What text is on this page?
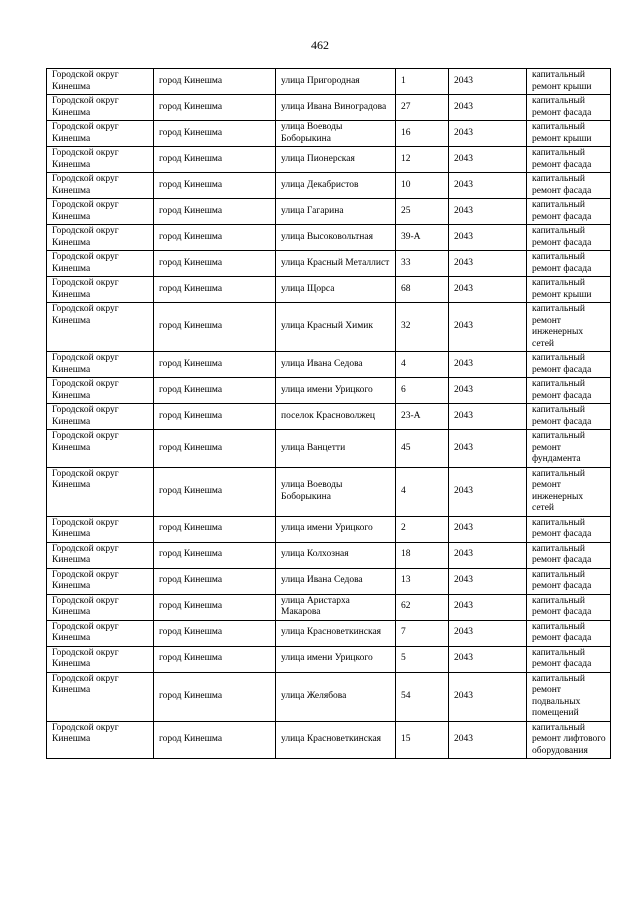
462
Городской округ Кинешма	город Кинешма	улица Пригородная	1	2043	капитальный ремонт крыши
Городской округ Кинешма	город Кинешма	улица Ивана Виноградова	27	2043	капитальный ремонт фасада
Городской округ Кинешма	город Кинешма	улица Воеводы Боборыкина	16	2043	капитальный ремонт крыши
Городской округ Кинешма	город Кинешма	улица Пионерская	12	2043	капитальный ремонт фасада
Городской округ Кинешма	город Кинешма	улица Декабристов	10	2043	капитальный ремонт фасада
Городской округ Кинешма	город Кинешма	улица Гагарина	25	2043	капитальный ремонт фасада
Городской округ Кинешма	город Кинешма	улица Высоковольтная	39-А	2043	капитальный ремонт фасада
Городской округ Кинешма	город Кинешма	улица Красный Металлист	33	2043	капитальный ремонт фасада
Городской округ Кинешма	город Кинешма	улица Щорса	68	2043	капитальный ремонт крыши
Городской округ Кинешма	город Кинешма	улица Красный Химик	32	2043	капитальный ремонт инженерных сетей
Городской округ Кинешма	город Кинешма	улица Ивана Седова	4	2043	капитальный ремонт фасада
Городской округ Кинешма	город Кинешма	улица имени Урицкого	6	2043	капитальный ремонт фасада
Городской округ Кинешма	город Кинешма	поселок Красноволжец	23-А	2043	капитальный ремонт фасада
Городской округ Кинешма	город Кинешма	улица Ванцетти	45	2043	капитальный ремонт фундамента
Городской округ Кинешма	город Кинешма	улица Воеводы Боборыкина	4	2043	капитальный ремонт инженерных сетей
Городской округ Кинешма	город Кинешма	улица имени Урицкого	2	2043	капитальный ремонт фасада
Городской округ Кинешма	город Кинешма	улица Колхозная	18	2043	капитальный ремонт фасада
Городской округ Кинешма	город Кинешма	улица Ивана Седова	13	2043	капитальный ремонт фасада
Городской округ Кинешма	город Кинешма	улица Аристарха Макарова	62	2043	капитальный ремонт фасада
Городской округ Кинешма	город Кинешма	улица Красноветкинская	7	2043	капитальный ремонт фасада
Городской округ Кинешма	город Кинешма	улица имени Урицкого	5	2043	капитальный ремонт фасада
Городской округ Кинешма	город Кинешма	улица Желябова	54	2043	капитальный ремонт подвальных помещений
Городской округ Кинешма	город Кинешма	улица Красноветкинская	15	2043	капитальный ремонт лифтового оборудования
